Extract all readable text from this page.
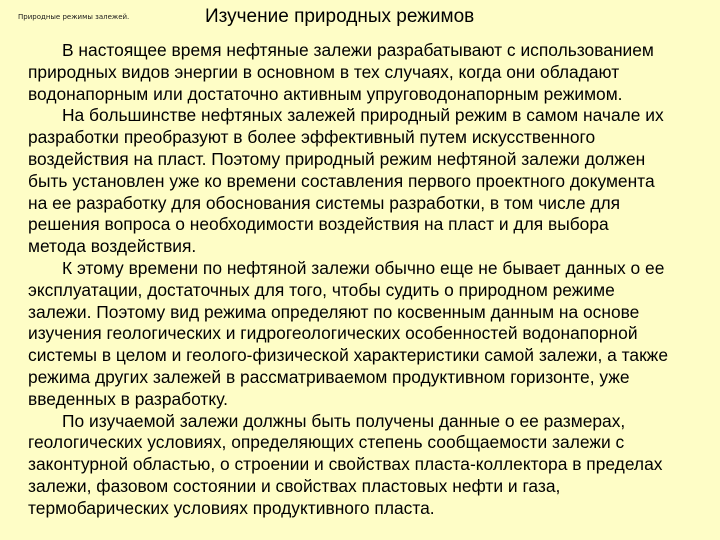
Природные режимы залежей.	Изучение природных режимов
В настоящее время нефтяные залежи разрабатывают с использованием
природных видов энергии в основном в тех случаях, когда они обладают
водонапорным или достаточно активным упруговодонапорным режимом.
На большинстве нефтяных залежей природный режим в самом начале их
разработки преобразуют в более эффективный путем искусственного
воздействия на пласт. Поэтому природный режим нефтяной залежи должен
быть установлен уже ко времени составления первого проектного документа
на ее разработку для обоснования системы разработки, в том числе для
решения вопроса о необходимости воздействия на пласт и для выбора
метода воздействия.
К этому времени по нефтяной залежи обычно еще не бывает данных о ее
эксплуатации, достаточных для того, чтобы судить о природном режиме
залежи. Поэтому вид режима определяют по косвенным данным на основе
изучения геологических и гидрогеологических особенностей водонапорной
системы в целом и геолого-физической характеристики самой залежи, а также
режима других залежей в рассматриваемом продуктивном горизонте, уже
введенных в разработку.
По изучаемой залежи должны быть получены данные о ее размерах,
геологических условиях, определяющих степень сообщаемости залежи с
законтурной областью, о строении и свойствах пласта-коллектора в пределах
залежи, фазовом состоянии и свойствах пластовых нефти и газа,
термобарических условиях продуктивного пласта.
